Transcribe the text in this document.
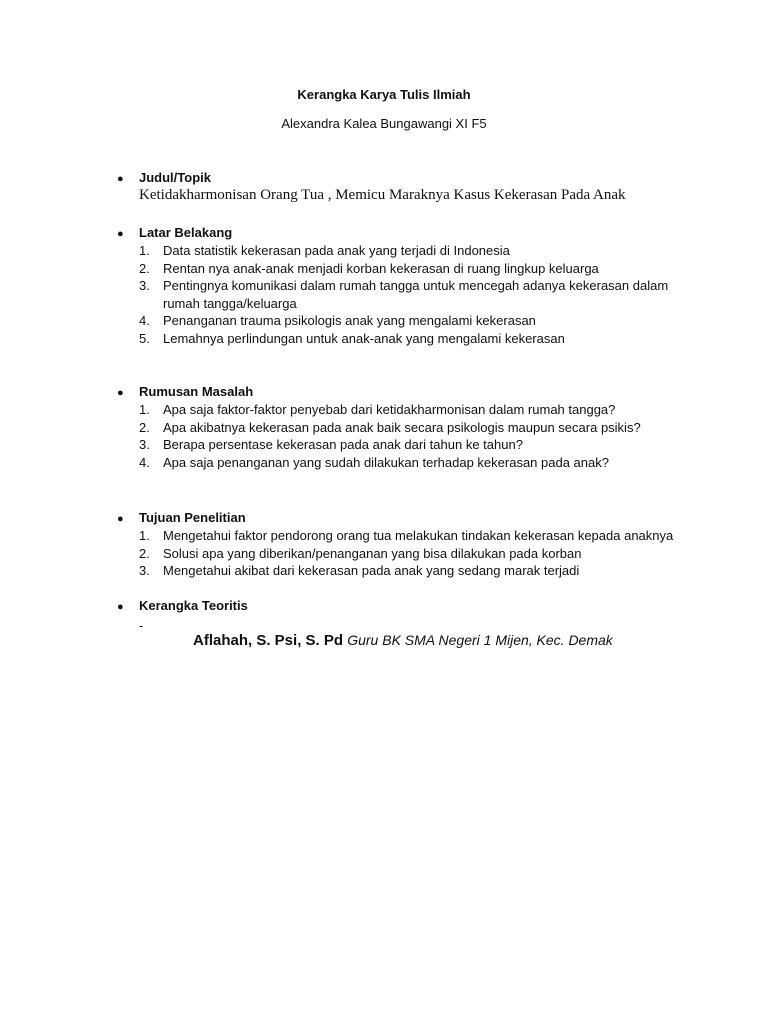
Kerangka Karya Tulis Ilmiah
Alexandra Kalea Bungawangi XI F5
● Judul/Topik
Ketidakharmonisan Orang Tua , Memicu Maraknya Kasus Kekerasan Pada Anak
● Latar Belakang
1. Data statistik kekerasan pada anak yang terjadi di Indonesia
2. Rentan nya anak-anak menjadi korban kekerasan di ruang lingkup keluarga
3. Pentingnya komunikasi dalam rumah tangga untuk mencegah adanya kekerasan dalam rumah tangga/keluarga
4. Penanganan trauma psikologis anak yang mengalami kekerasan
5. Lemahnya perlindungan untuk anak-anak yang mengalami kekerasan
● Rumusan Masalah
1. Apa saja faktor-faktor penyebab dari ketidakharmonisan dalam rumah tangga?
2. Apa akibatnya kekerasan pada anak baik secara psikologis maupun secara psikis?
3. Berapa persentase kekerasan pada anak dari tahun ke tahun?
4. Apa saja penanganan yang sudah dilakukan terhadap kekerasan pada anak?
● Tujuan Penelitian
1. Mengetahui faktor pendorong orang tua melakukan tindakan kekerasan kepada anaknya
2. Solusi apa yang diberikan/penanganan yang bisa dilakukan pada korban
3. Mengetahui akibat dari kekerasan pada anak yang sedang marak terjadi
● Kerangka Teoritis
-
Aflahah, S. Psi, S. Pd Guru BK SMA Negeri 1 Mijen, Kec. Demak
